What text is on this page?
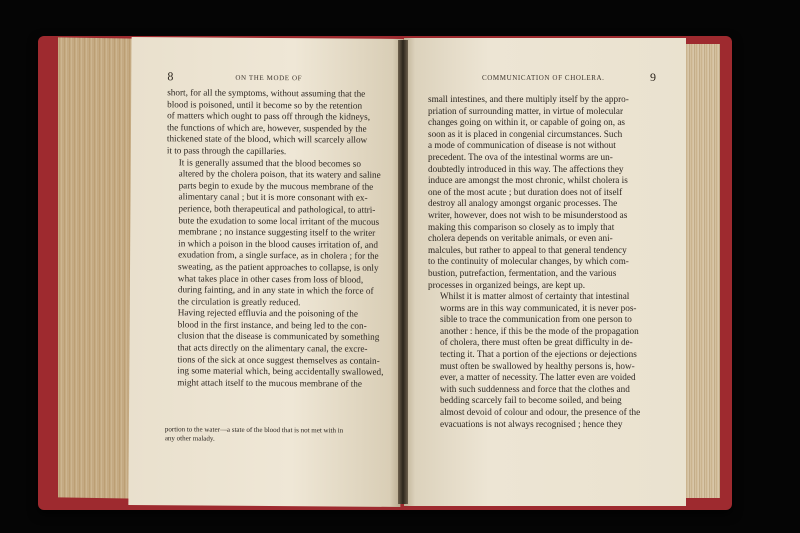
8	ON THE MODE OF

short, for all the symptoms, without assuming that the
blood is poisoned, until it become so by the retention
of matters which ought to pass off through the kidneys,
the functions of which are, however, suspended by the
thickened state of the blood, which will scarcely allow
it to pass through the capillaries.

It is generally assumed that the blood becomes so
altered by the cholera poison, that its watery and saline
parts begin to exude by the mucous membrane of the
alimentary canal ; but it is more consonant with ex-
perience, both therapeutical and pathological, to attri-
bute the exudation to some local irritant of the mucous
membrane ; no instance suggesting itself to the writer
in which a poison in the blood causes irritation of, and
exudation from, a single surface, as in cholera ; for the
sweating, as the patient approaches to collapse, is only
what takes place in other cases from loss of blood,
during fainting, and in any state in which the force of
the circulation is greatly reduced.

Having rejected effluvia and the poisoning of the
blood in the first instance, and being led to the con-
clusion that the disease is communicated by something
that acts directly on the alimentary canal, the excre-
tions of the sick at once suggest themselves as contain-
ing some material which, being accidentally swallowed,
might attach itself to the mucous membrane of the

portion to the water—a state of the blood that is not met with in
any other malady.
COMMUNICATION OF CHOLERA.	9

small intestines, and there multiply itself by the appro-
priation of surrounding matter, in virtue of molecular
changes going on within it, or capable of going on, as
soon as it is placed in congenial circumstances. Such
a mode of communication of disease is not without
precedent. The ova of the intestinal worms are un-
doubtedly introduced in this way. The affections they
induce are amongst the most chronic, whilst cholera is
one of the most acute ; but duration does not of itself
destroy all analogy amongst organic processes. The
writer, however, does not wish to be misunderstood as
making this comparison so closely as to imply that
cholera depends on veritable animals, or even ani-
malcules, but rather to appeal to that general tendency
to the continuity of molecular changes, by which com-
bustion, putrefaction, fermentation, and the various
processes in organized beings, are kept up.

Whilst it is matter almost of certainty that intestinal
worms are in this way communicated, it is never pos-
sible to trace the communication from one person to
another : hence, if this be the mode of the propagation
of cholera, there must often be great difficulty in de-
tecting it. That a portion of the ejections or dejections
must often be swallowed by healthy persons is, how-
ever, a matter of necessity. The latter even are voided
with such suddenness and force that the clothes and
bedding scarcely fail to become soiled, and being
almost devoid of colour and odour, the presence of the
evacuations is not always recognised ; hence they
